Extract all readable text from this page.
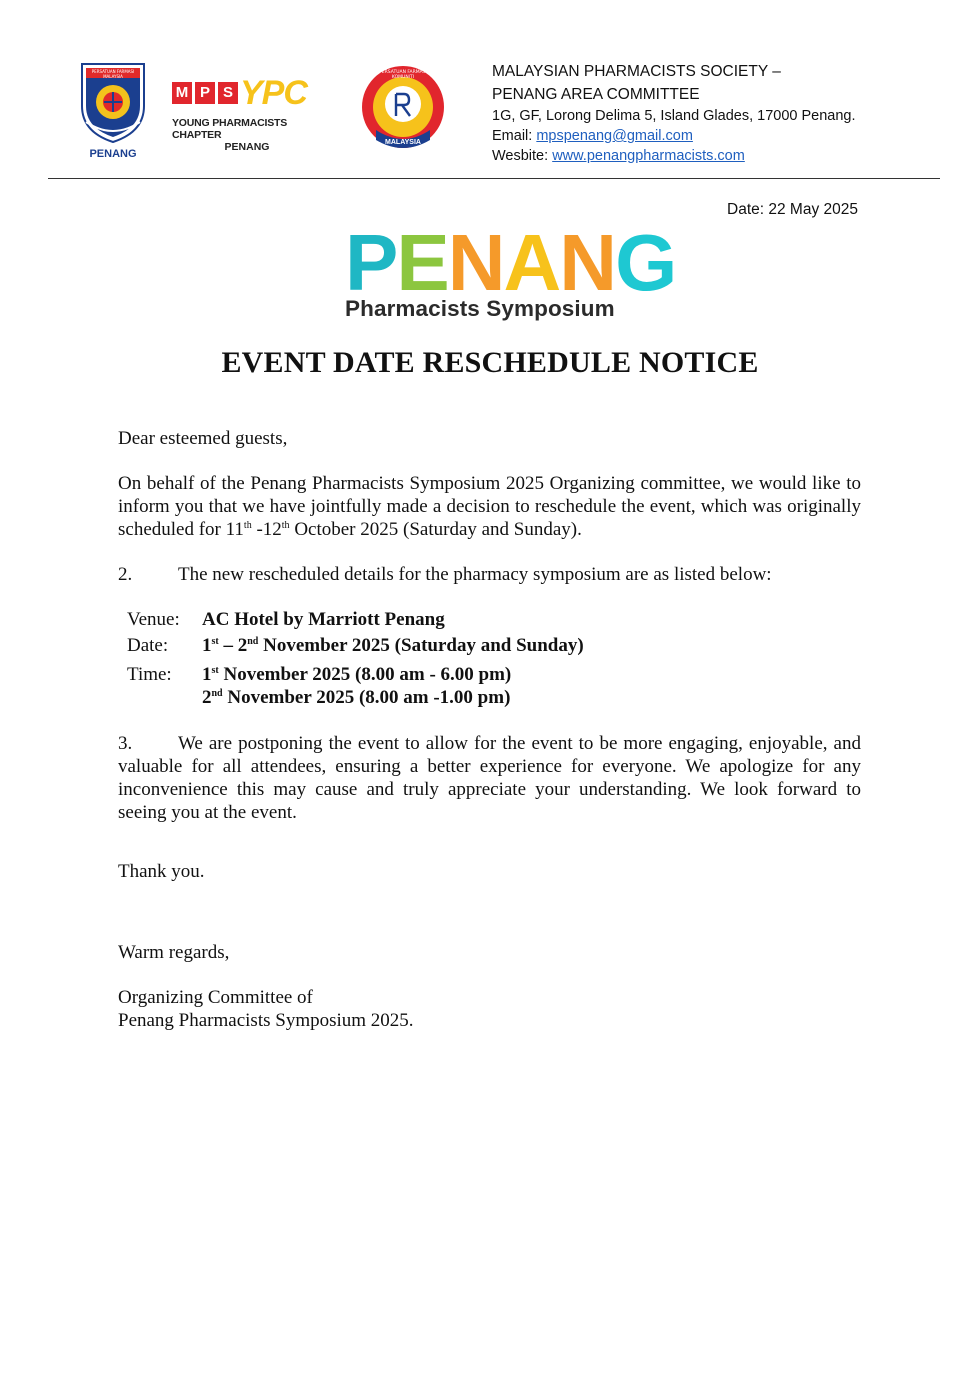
PERSATUAN FARMASI MALAYSIA
PENANG
M P S YPC
YOUNG PHARMACISTS CHAPTER
PENANG
PERSATUAN FARMASI KOMUNITI
MALAYSIA
MALAYSIAN PHARMACISTS SOCIETY –
PENANG AREA COMMITTEE
1G, GF, Lorong Delima 5, Island Glades, 17000 Penang.
Email: mpspenang@gmail.com
Wesbite: www.penangpharmacists.com
Date: 22 May 2025
P E N A N G
Pharmacists Symposium
EVENT DATE RESCHEDULE NOTICE
Dear esteemed guests,
On behalf of the Penang Pharmacists Symposium 2025 Organizing committee, we would like to inform you that we have jointfully made a decision to reschedule the event, which was originally scheduled for 11th -12th October 2025 (Saturday and Sunday).
2. The new rescheduled details for the pharmacy symposium are as listed below:
Venue:	AC Hotel by Marriott Penang
Date:	1st – 2nd November 2025 (Saturday and Sunday)
Time:	1st November 2025 (8.00 am - 6.00 pm)
2nd November 2025 (8.00 am -1.00 pm)
3. We are postponing the event to allow for the event to be more engaging, enjoyable, and valuable for all attendees, ensuring a better experience for everyone. We apologize for any inconvenience this may cause and truly appreciate your understanding. We look forward to seeing you at the event.
Thank you.
Warm regards,
Organizing Committee of
Penang Pharmacists Symposium 2025.
